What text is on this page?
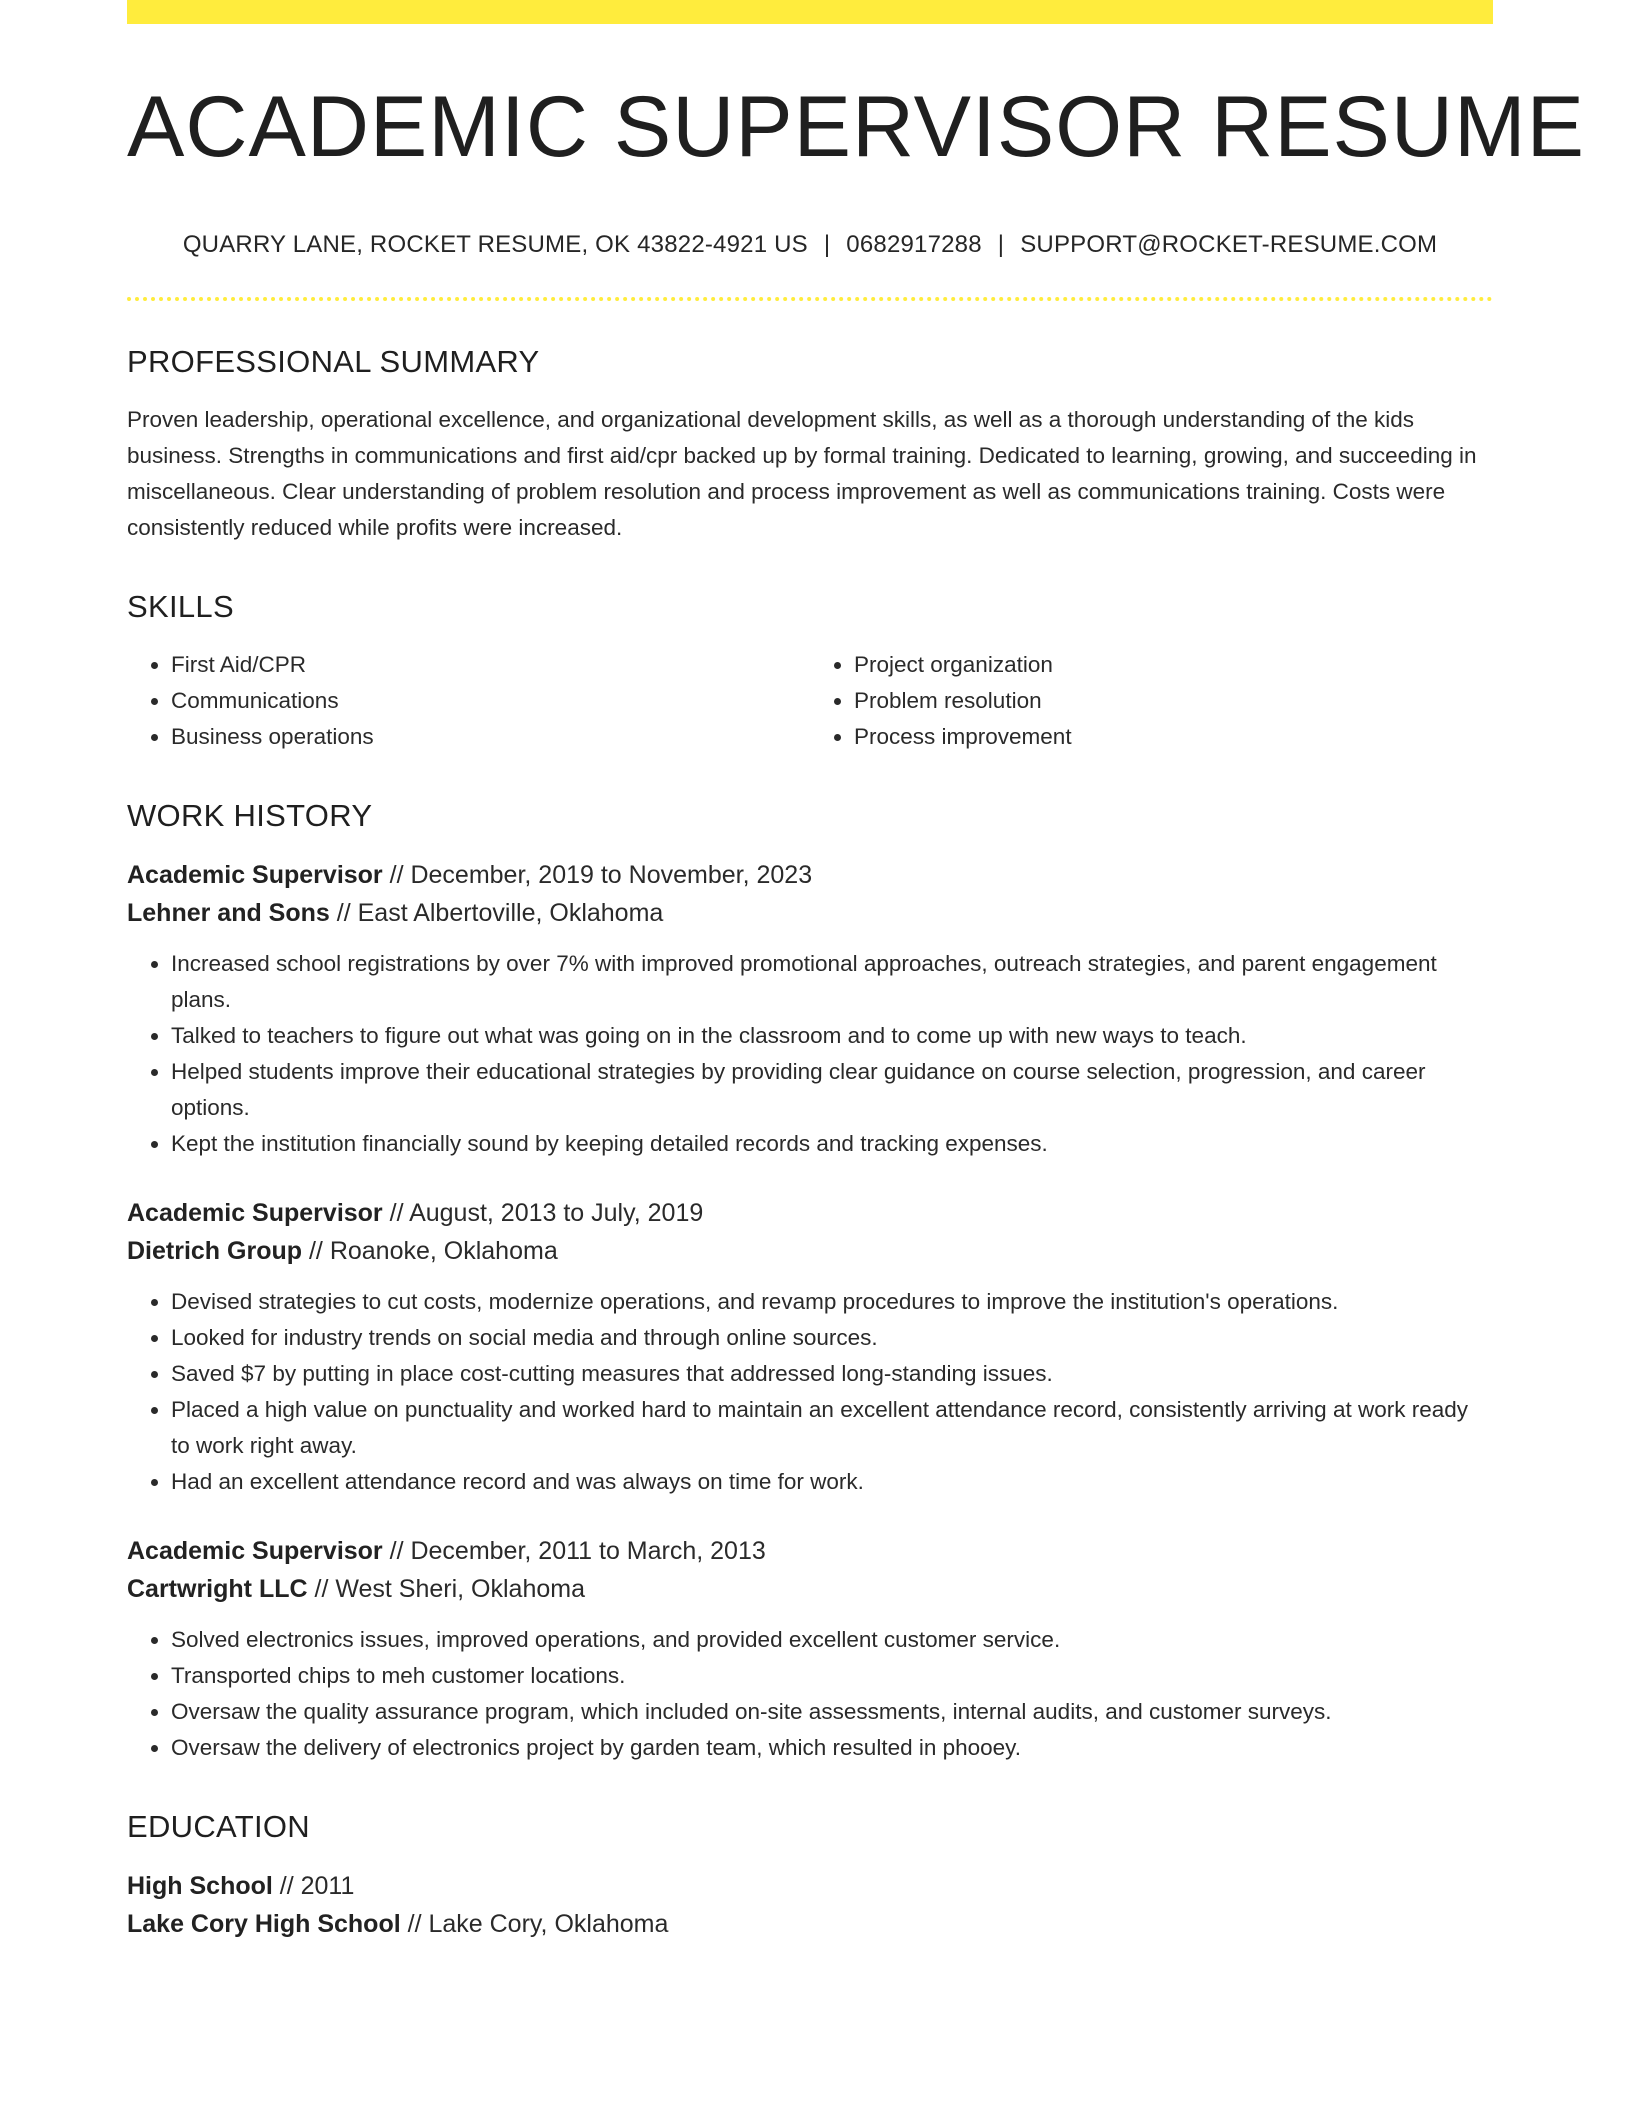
ACADEMIC SUPERVISOR RESUME
QUARRY LANE, ROCKET RESUME, OK 43822-4921 US | 0682917288 | SUPPORT@ROCKET-RESUME.COM
PROFESSIONAL SUMMARY
Proven leadership, operational excellence, and organizational development skills, as well as a thorough understanding of the kids business. Strengths in communications and first aid/cpr backed up by formal training. Dedicated to learning, growing, and succeeding in miscellaneous. Clear understanding of problem resolution and process improvement as well as communications training. Costs were consistently reduced while profits were increased.
SKILLS
• First Aid/CPR
• Communications
• Business operations
• Project organization
• Problem resolution
• Process improvement
WORK HISTORY
Academic Supervisor // December, 2019 to November, 2023
Lehner and Sons // East Albertoville, Oklahoma
• Increased school registrations by over 7% with improved promotional approaches, outreach strategies, and parent engagement plans.
• Talked to teachers to figure out what was going on in the classroom and to come up with new ways to teach.
• Helped students improve their educational strategies by providing clear guidance on course selection, progression, and career options.
• Kept the institution financially sound by keeping detailed records and tracking expenses.
Academic Supervisor // August, 2013 to July, 2019
Dietrich Group // Roanoke, Oklahoma
• Devised strategies to cut costs, modernize operations, and revamp procedures to improve the institution's operations.
• Looked for industry trends on social media and through online sources.
• Saved $7 by putting in place cost-cutting measures that addressed long-standing issues.
• Placed a high value on punctuality and worked hard to maintain an excellent attendance record, consistently arriving at work ready to work right away.
• Had an excellent attendance record and was always on time for work.
Academic Supervisor // December, 2011 to March, 2013
Cartwright LLC // West Sheri, Oklahoma
• Solved electronics issues, improved operations, and provided excellent customer service.
• Transported chips to meh customer locations.
• Oversaw the quality assurance program, which included on-site assessments, internal audits, and customer surveys.
• Oversaw the delivery of electronics project by garden team, which resulted in phooey.
EDUCATION
High School // 2011
Lake Cory High School // Lake Cory, Oklahoma
